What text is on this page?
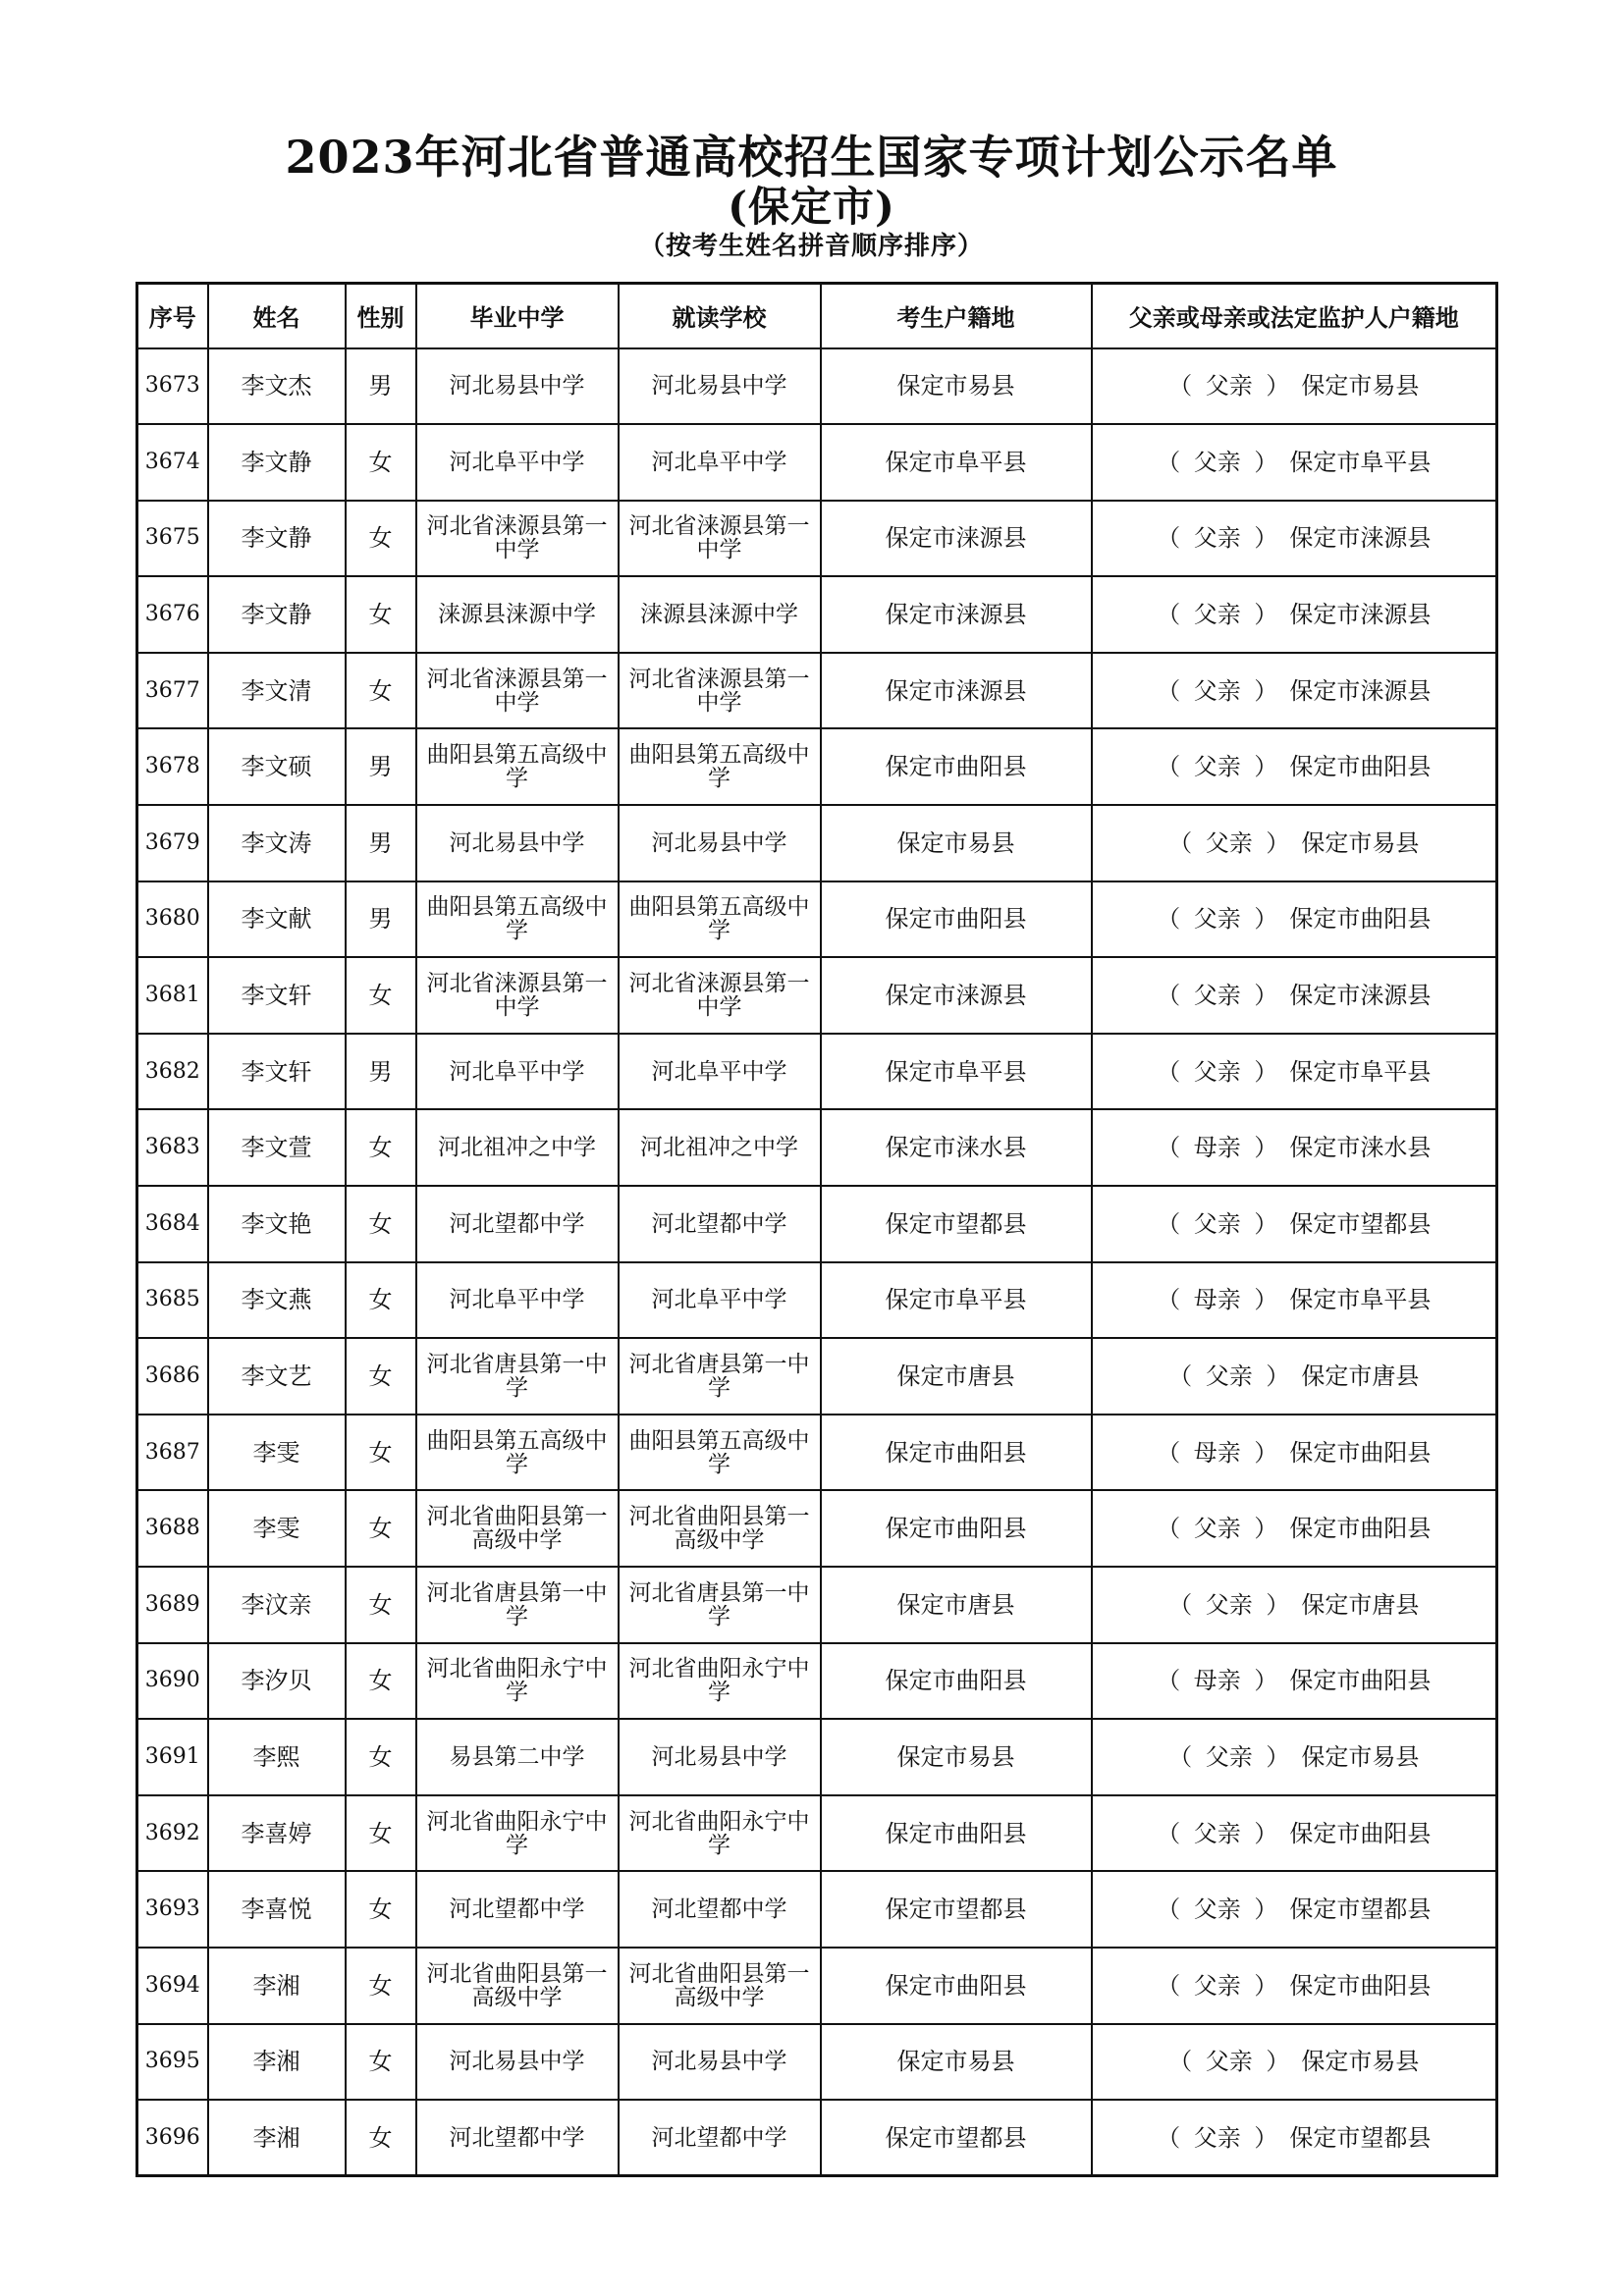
2023年河北省普通高校招生国家专项计划公示名单
(保定市)
（按考生姓名拼音顺序排序）
序号	姓名	性别	毕业中学	就读学校	考生户籍地	父亲或母亲或法定监护人户籍地
3673	李文杰	男	河北易县中学	河北易县中学	保定市易县	（ 父亲 ） 保定市易县
3674	李文静	女	河北阜平中学	河北阜平中学	保定市阜平县	（ 父亲 ） 保定市阜平县
3675	李文静	女	河北省涞源县第一中学	河北省涞源县第一中学	保定市涞源县	（ 父亲 ） 保定市涞源县
3676	李文静	女	涞源县涞源中学	涞源县涞源中学	保定市涞源县	（ 父亲 ） 保定市涞源县
3677	李文清	女	河北省涞源县第一中学	河北省涞源县第一中学	保定市涞源县	（ 父亲 ） 保定市涞源县
3678	李文硕	男	曲阳县第五高级中学	曲阳县第五高级中学	保定市曲阳县	（ 父亲 ） 保定市曲阳县
3679	李文涛	男	河北易县中学	河北易县中学	保定市易县	（ 父亲 ） 保定市易县
3680	李文献	男	曲阳县第五高级中学	曲阳县第五高级中学	保定市曲阳县	（ 父亲 ） 保定市曲阳县
3681	李文轩	女	河北省涞源县第一中学	河北省涞源县第一中学	保定市涞源县	（ 父亲 ） 保定市涞源县
3682	李文轩	男	河北阜平中学	河北阜平中学	保定市阜平县	（ 父亲 ） 保定市阜平县
3683	李文萱	女	河北祖冲之中学	河北祖冲之中学	保定市涞水县	（ 母亲 ） 保定市涞水县
3684	李文艳	女	河北望都中学	河北望都中学	保定市望都县	（ 父亲 ） 保定市望都县
3685	李文燕	女	河北阜平中学	河北阜平中学	保定市阜平县	（ 母亲 ） 保定市阜平县
3686	李文艺	女	河北省唐县第一中学	河北省唐县第一中学	保定市唐县	（ 父亲 ） 保定市唐县
3687	李雯	女	曲阳县第五高级中学	曲阳县第五高级中学	保定市曲阳县	（ 母亲 ） 保定市曲阳县
3688	李雯	女	河北省曲阳县第一高级中学	河北省曲阳县第一高级中学	保定市曲阳县	（ 父亲 ） 保定市曲阳县
3689	李汶亲	女	河北省唐县第一中学	河北省唐县第一中学	保定市唐县	（ 父亲 ） 保定市唐县
3690	李汐贝	女	河北省曲阳永宁中学	河北省曲阳永宁中学	保定市曲阳县	（ 母亲 ） 保定市曲阳县
3691	李熙	女	易县第二中学	河北易县中学	保定市易县	（ 父亲 ） 保定市易县
3692	李喜婷	女	河北省曲阳永宁中学	河北省曲阳永宁中学	保定市曲阳县	（ 父亲 ） 保定市曲阳县
3693	李喜悦	女	河北望都中学	河北望都中学	保定市望都县	（ 父亲 ） 保定市望都县
3694	李湘	女	河北省曲阳县第一高级中学	河北省曲阳县第一高级中学	保定市曲阳县	（ 父亲 ） 保定市曲阳县
3695	李湘	女	河北易县中学	河北易县中学	保定市易县	（ 父亲 ） 保定市易县
3696	李湘	女	河北望都中学	河北望都中学	保定市望都县	（ 父亲 ） 保定市望都县
